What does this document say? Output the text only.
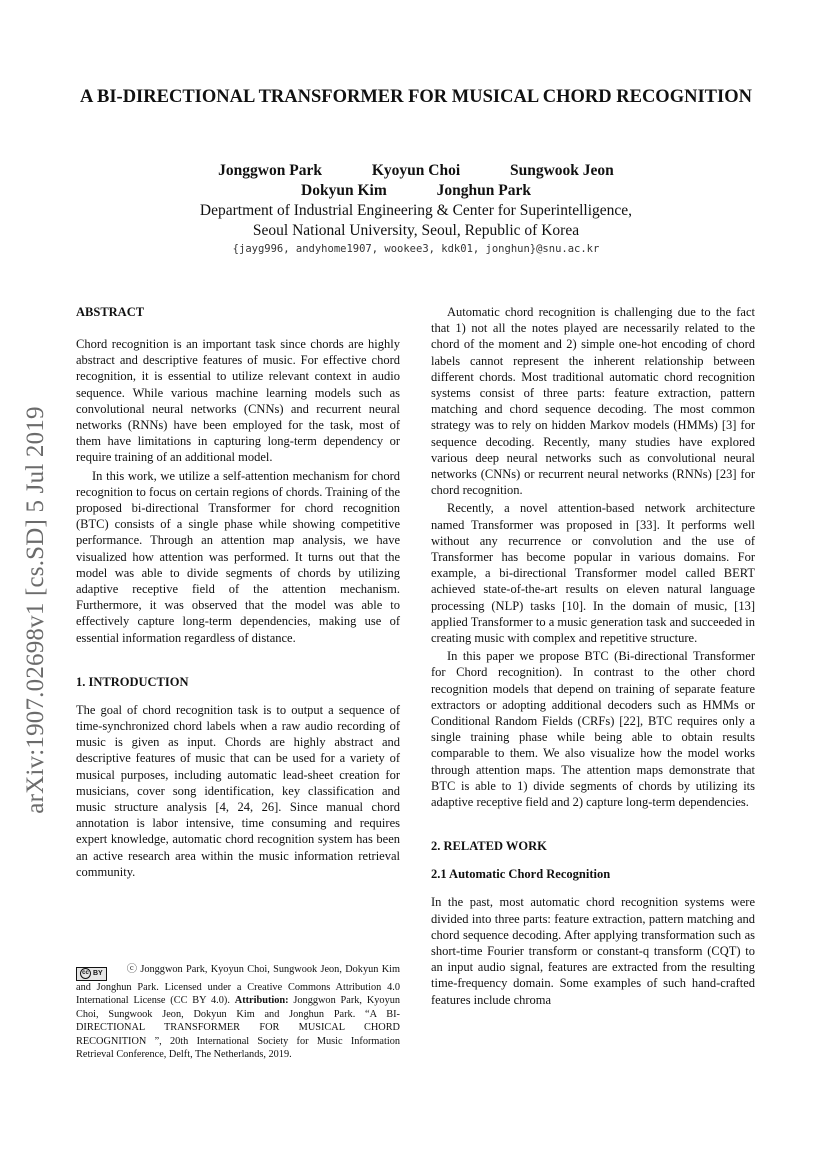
arXiv:1907.02698v1 [cs.SD] 5 Jul 2019
A BI-DIRECTIONAL TRANSFORMER FOR MUSICAL CHORD RECOGNITION
Jonggwon Park	Kyoyun Choi	Sungwook Jeon
Dokyun Kim	Jonghun Park
Department of Industrial Engineering & Center for Superintelligence,
Seoul National University, Seoul, Republic of Korea
{jayg996, andyhome1907, wookee3, kdk01, jonghun}@snu.ac.kr

ABSTRACT

Chord recognition is an important task since chords are highly abstract and descriptive features of music. For effective chord recognition, it is essential to utilize relevant context in audio sequence. While various machine learning models such as convolutional neural networks (CNNs) and recurrent neural networks (RNNs) have been employed for the task, most of them have limitations in capturing long-term dependency or require training of an additional model.

In this work, we utilize a self-attention mechanism for chord recognition to focus on certain regions of chords. Training of the proposed bi-directional Transformer for chord recognition (BTC) consists of a single phase while showing competitive performance. Through an attention map analysis, we have visualized how attention was performed. It turns out that the model was able to divide segments of chords by utilizing adaptive receptive field of the attention mechanism. Furthermore, it was observed that the model was able to effectively capture long-term dependencies, making use of essential information regardless of distance.

1. INTRODUCTION

The goal of chord recognition task is to output a sequence of time-synchronized chord labels when a raw audio recording of music is given as input. Chords are highly abstract and descriptive features of music that can be used for a variety of musical purposes, including automatic lead-sheet creation for musicians, cover song identification, key classification and music structure analysis [4, 24, 26]. Since manual chord annotation is labor intensive, time consuming and requires expert knowledge, automatic chord recognition system has been an active research area within the music information retrieval community.

cc BY ⓒ Jonggwon Park, Kyoyun Choi, Sungwook Jeon, Dokyun Kim and Jonghun Park. Licensed under a Creative Commons Attribution 4.0 International License (CC BY 4.0). Attribution: Jonggwon Park, Kyoyun Choi, Sungwook Jeon, Dokyun Kim and Jonghun Park. “A BI-DIRECTIONAL TRANSFORMER FOR MUSICAL CHORD RECOGNITION ”, 20th International Society for Music Information Retrieval Conference, Delft, The Netherlands, 2019.

Automatic chord recognition is challenging due to the fact that 1) not all the notes played are necessarily related to the chord of the moment and 2) simple one-hot encoding of chord labels cannot represent the inherent relationship between different chords. Most traditional automatic chord recognition systems consist of three parts: feature extraction, pattern matching and chord sequence decoding. The most common strategy was to rely on hidden Markov models (HMMs) [3] for sequence decoding. Recently, many studies have explored various deep neural networks such as convolutional neural networks (CNNs) or recurrent neural networks (RNNs) [23] for chord recognition.

Recently, a novel attention-based network architecture named Transformer was proposed in [33]. It performs well without any recurrence or convolution and the use of Transformer has become popular in various domains. For example, a bi-directional Transformer model called BERT achieved state-of-the-art results on eleven natural language processing (NLP) tasks [10]. In the domain of music, [13] applied Transformer to a music generation task and succeeded in creating music with complex and repetitive structure.

In this paper we propose BTC (Bi-directional Transformer for Chord recognition). In contrast to the other chord recognition models that depend on training of separate feature extractors or adopting additional decoders such as HMMs or Conditional Random Fields (CRFs) [22], BTC requires only a single training phase while being able to obtain results comparable to them. We also visualize how the model works through attention maps. The attention maps demonstrate that BTC is able to 1) divide segments of chords by utilizing its adaptive receptive field and 2) capture long-term dependencies.

2. RELATED WORK

2.1 Automatic Chord Recognition

In the past, most automatic chord recognition systems were divided into three parts: feature extraction, pattern matching and chord sequence decoding. After applying transformation such as short-time Fourier transform or constant-q transform (CQT) to an input audio signal, features are extracted from the resulting time-frequency domain. Some examples of such hand-crafted features include chroma
